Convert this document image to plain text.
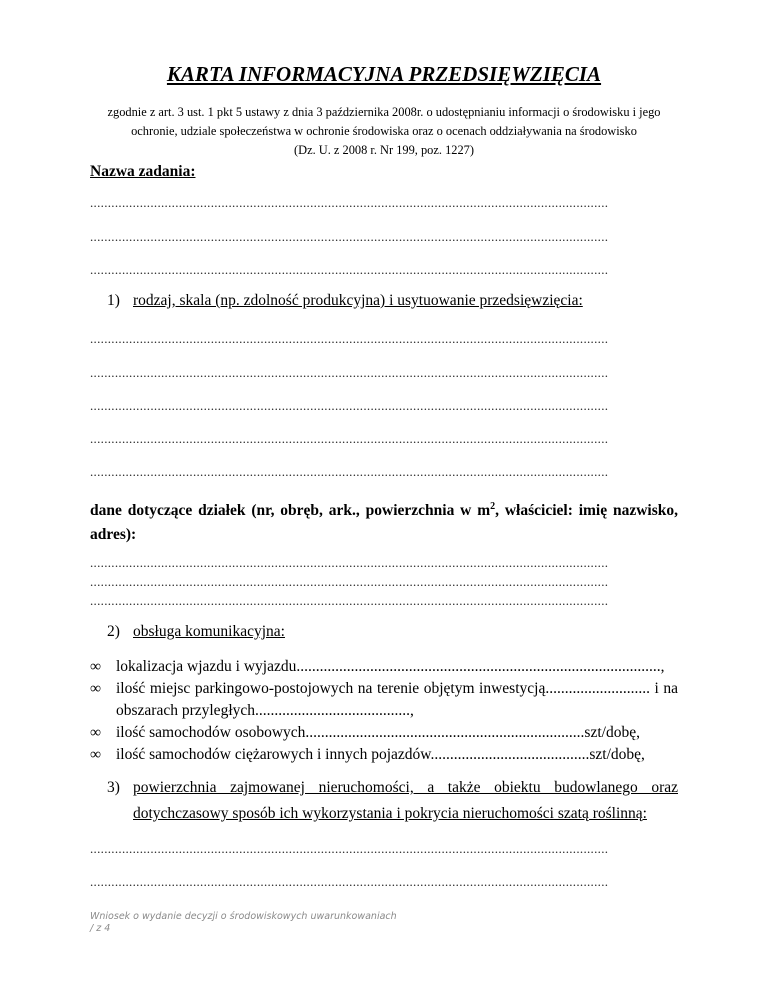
KARTA INFORMACYJNA PRZEDSIĘWZIĘCIA
zgodnie z art. 3 ust. 1 pkt 5 ustawy z dnia 3 października 2008r. o udostępnianiu informacji o środowisku i jego
ochronie, udziale społeczeństwa w ochronie środowiska oraz o ocenach oddziaływania na środowisko
(Dz. U. z 2008 r. Nr 199, poz. 1227)
Nazwa zadania:
..................................................................................................................................................
..................................................................................................................................................
..................................................................................................................................................
1) rodzaj, skala (np. zdolność produkcyjna) i usytuowanie przedsięwzięcia:
..................................................................................................................................................
..................................................................................................................................................
..................................................................................................................................................
..................................................................................................................................................
..................................................................................................................................................
dane dotyczące działek (nr, obręb, ark., powierzchnia w $m^2$, właściciel: imię nazwisko, adres):
..................................................................................................................................................
..................................................................................................................................................
..................................................................................................................................................
2) obsługa komunikacyjna:
∞ lokalizacja wjazdu i wyjazdu..............................................................................................,
∞ ilość miejsc parkingowo-postojowych na terenie objętym inwestycją........................... i na obszarach przyległych........................................,
∞ ilość samochodów osobowych........................................................................szt/dobę,
∞ ilość samochodów ciężarowych i innych pojazdów.........................................szt/dobę,
3) powierzchnia zajmowanej nieruchomości, a także obiektu budowlanego oraz
dotychczasowy sposób ich wykorzystania i pokrycia nieruchomości szatą roślinną:
..................................................................................................................................................
..................................................................................................................................................
Wniosek o wydanie decyzji o środowiskowych uwarunkowaniach
/ z 4
